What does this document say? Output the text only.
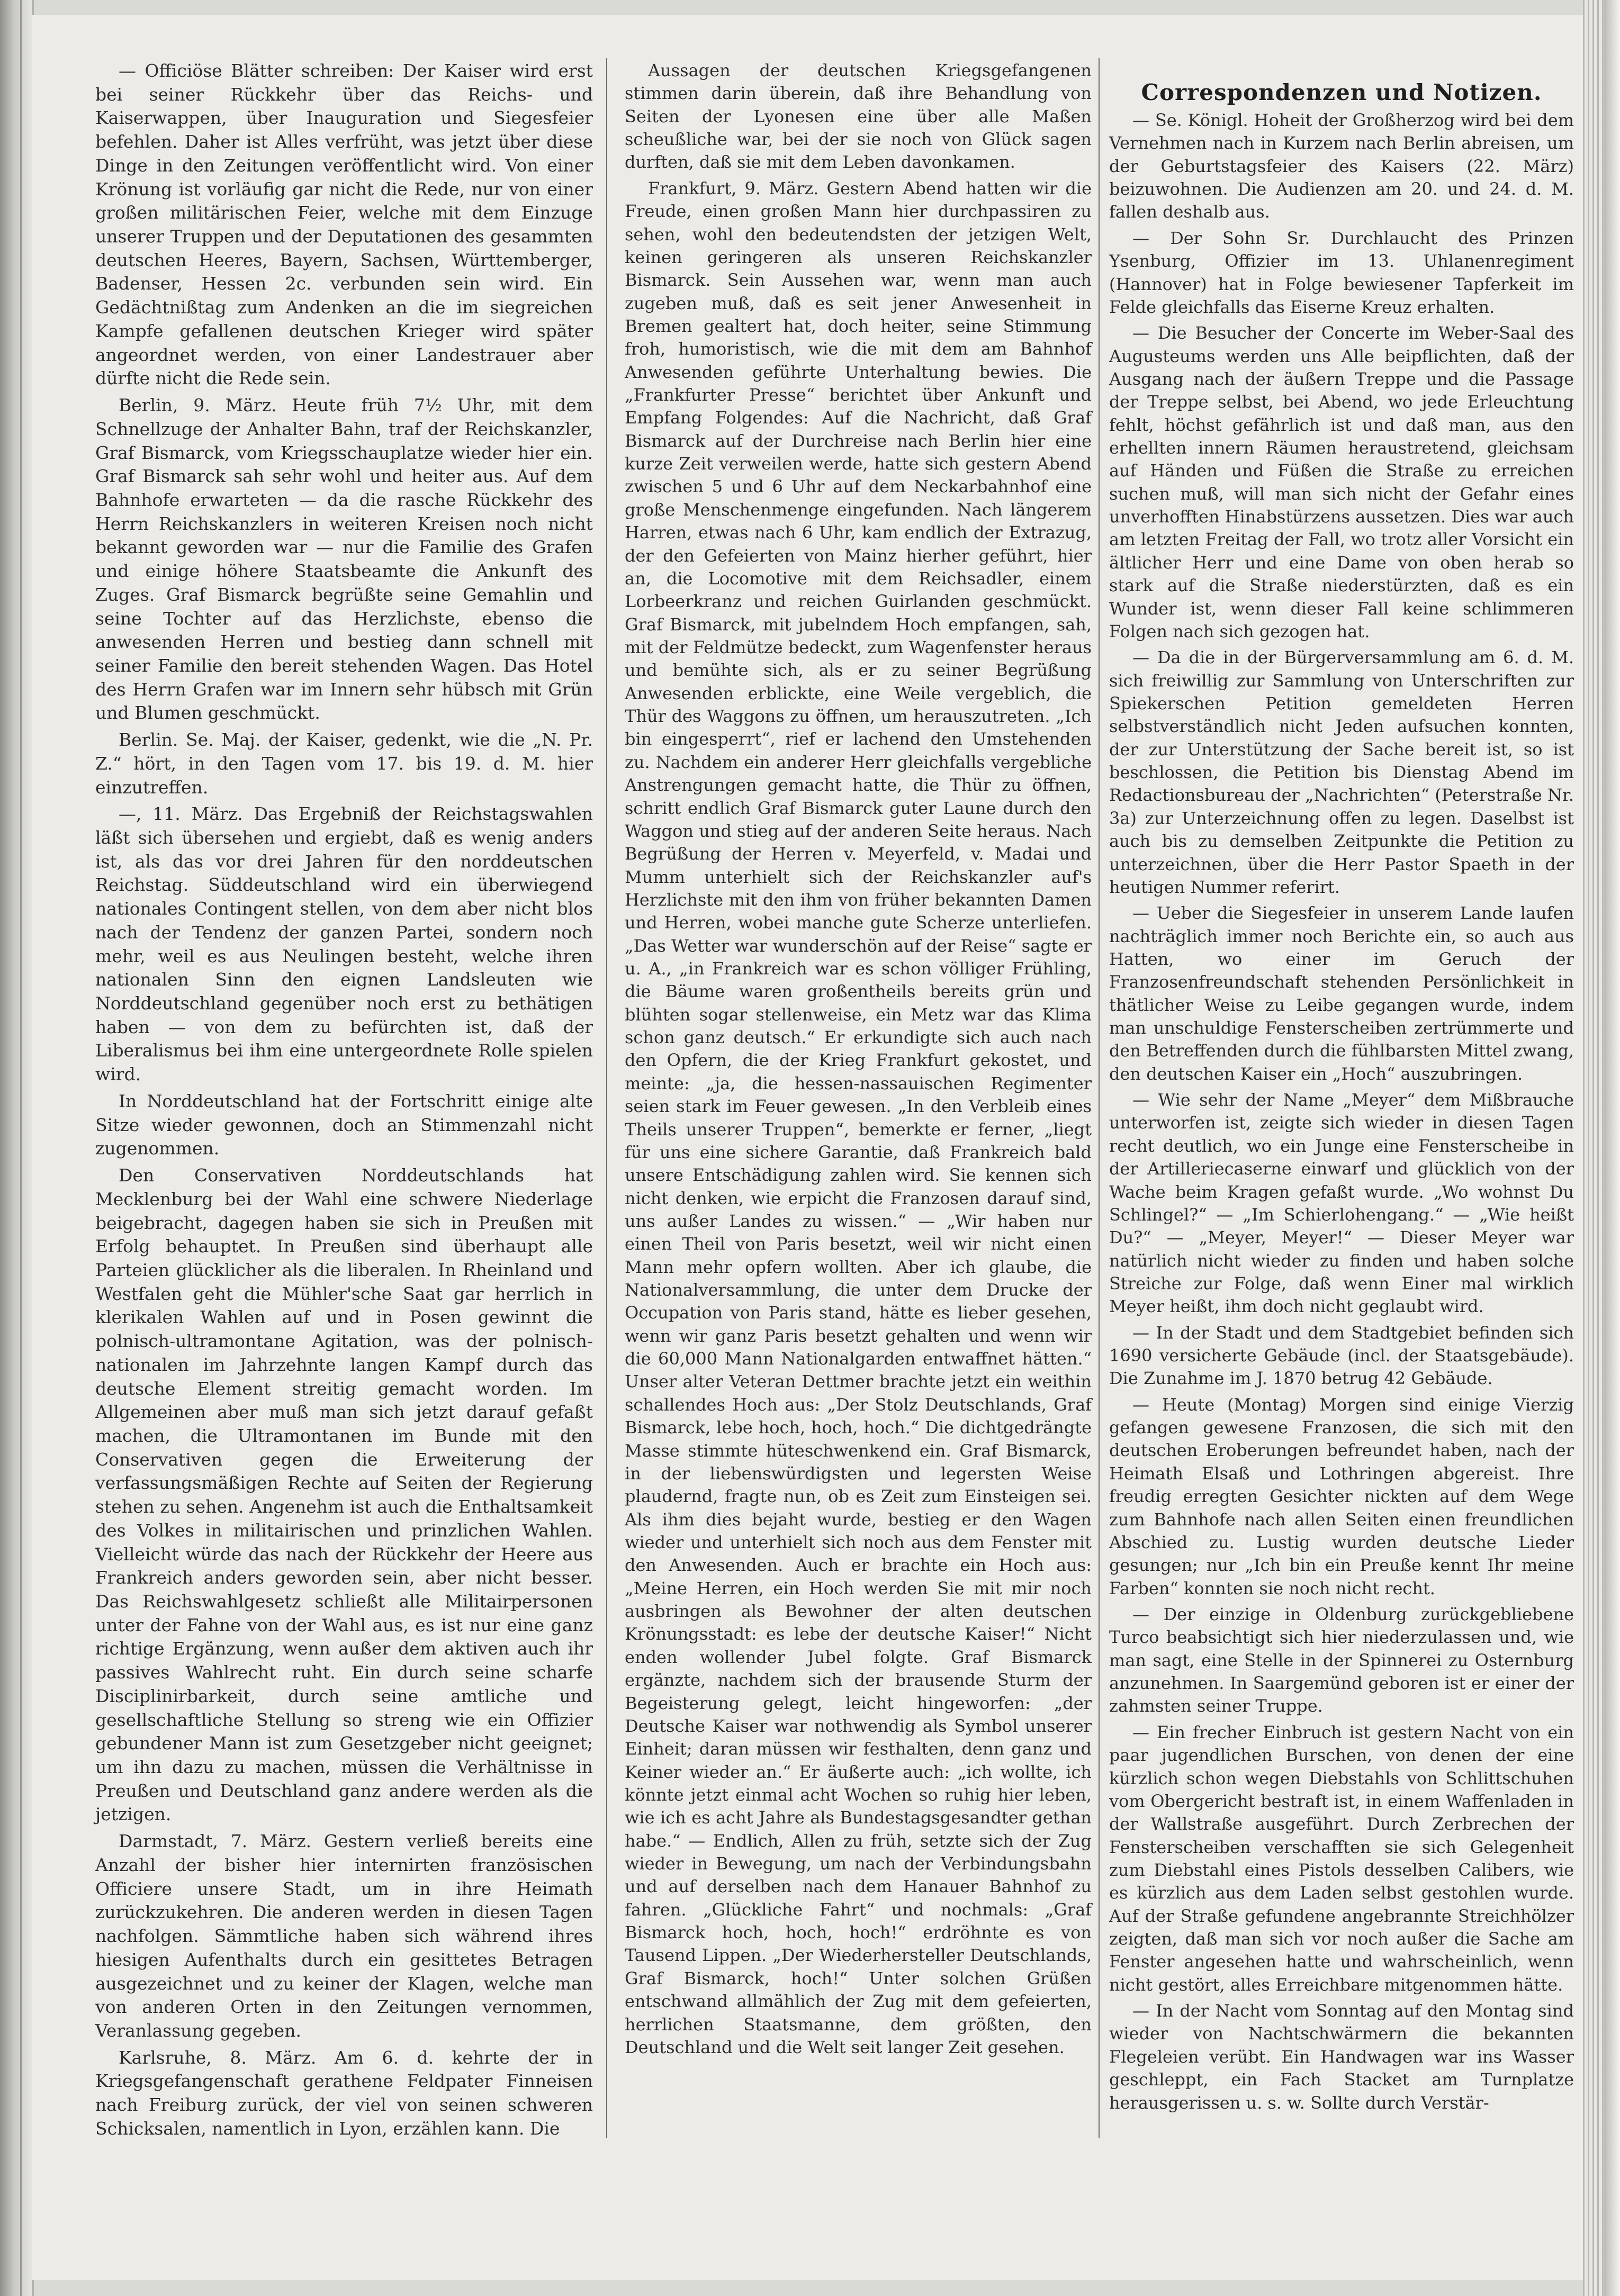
Correspondenzen und Notizen.

— Officiöse Blätter schreiben: Der Kaiser wird erst bei seiner Rückkehr über das Reichs- und Kaiserwappen, über Inauguration und Siegesfeier befehlen. Daher ist Alles verfrüht, was jetzt über diese Dinge in den Zeitungen veröffentlicht wird. Von einer Krönung ist vorläufig gar nicht die Rede, nur von einer großen militärischen Feier, welche mit dem Einzuge unserer Truppen und der Deputationen des gesammten deutschen Heeres, Bayern, Sachsen, Württemberger, Badenser, Hessen 2c. verbunden sein wird. Ein Gedächtnißtag zum Andenken an die im siegreichen Kampfe gefallenen deutschen Krieger wird später angeordnet werden, von einer Landestrauer aber dürfte nicht die Rede sein.

Berlin, 9. März. Heute früh 7½ Uhr, mit dem Schnellzuge der Anhalter Bahn, traf der Reichskanzler, Graf Bismarck, vom Kriegsschauplatze wieder hier ein. Graf Bismarck sah sehr wohl und heiter aus. Auf dem Bahnhofe erwarteten — da die rasche Rückkehr des Herrn Reichskanzlers in weiteren Kreisen noch nicht bekannt geworden war — nur die Familie des Grafen und einige höhere Staatsbeamte die Ankunft des Zuges. Graf Bismarck begrüßte seine Gemahlin und seine Tochter auf das Herzlichste, ebenso die anwesenden Herren und bestieg dann schnell mit seiner Familie den bereit stehenden Wagen. Das Hotel des Herrn Grafen war im Innern sehr hübsch mit Grün und Blumen geschmückt.

Berlin. Se. Maj. der Kaiser, gedenkt, wie die „N. Pr. Z.“ hört, in den Tagen vom 17. bis 19. d. M. hier einzutreffen.

—, 11. März. Das Ergebniß der Reichstagswahlen läßt sich übersehen und ergiebt, daß es wenig anders ist, als das vor drei Jahren für den norddeutschen Reichstag. Süddeutschland wird ein überwiegend nationales Contingent stellen, von dem aber nicht blos nach der Tendenz der ganzen Partei, sondern noch mehr, weil es aus Neulingen besteht, welche ihren nationalen Sinn den eignen Landsleuten wie Norddeutschland gegenüber noch erst zu bethätigen haben — von dem zu befürchten ist, daß der Liberalismus bei ihm eine untergeordnete Rolle spielen wird.

In Norddeutschland hat der Fortschritt einige alte Sitze wieder gewonnen, doch an Stimmenzahl nicht zugenommen.

Den Conservativen Norddeutschlands hat Mecklenburg bei der Wahl eine schwere Niederlage beigebracht, dagegen haben sie sich in Preußen mit Erfolg behauptet. In Preußen sind überhaupt alle Parteien glücklicher als die liberalen. In Rheinland und Westfalen geht die Mühler'sche Saat gar herrlich in klerikalen Wahlen auf und in Posen gewinnt die polnisch-ultramontane Agitation, was der polnisch-nationalen im Jahrzehnte langen Kampf durch das deutsche Element streitig gemacht worden. Im Allgemeinen aber muß man sich jetzt darauf gefaßt machen, die Ultramontanen im Bunde mit den Conservativen gegen die Erweiterung der verfassungsmäßigen Rechte auf Seiten der Regierung stehen zu sehen. Angenehm ist auch die Enthaltsamkeit des Volkes in militairischen und prinzlichen Wahlen. Vielleicht würde das nach der Rückkehr der Heere aus Frankreich anders geworden sein, aber nicht besser. Das Reichswahlgesetz schließt alle Militairpersonen unter der Fahne von der Wahl aus, es ist nur eine ganz richtige Ergänzung, wenn außer dem aktiven auch ihr passives Wahlrecht ruht. Ein durch seine scharfe Disciplinirbarkeit, durch seine amtliche und gesellschaftliche Stellung so streng wie ein Offizier gebundener Mann ist zum Gesetzgeber nicht geeignet; um ihn dazu zu machen, müssen die Verhältnisse in Preußen und Deutschland ganz andere werden als die jetzigen.

Darmstadt, 7. März. Gestern verließ bereits eine Anzahl der bisher hier internirten französischen Officiere unsere Stadt, um in ihre Heimath zurückzukehren. Die anderen werden in diesen Tagen nachfolgen. Sämmtliche haben sich während ihres hiesigen Aufenthalts durch ein gesittetes Betragen ausgezeichnet und zu keiner der Klagen, welche man von anderen Orten in den Zeitungen vernommen, Veranlassung gegeben.

Karlsruhe, 8. März. Am 6. d. kehrte der in Kriegsgefangenschaft gerathene Feldpater Finneisen nach Freiburg zurück, der viel von seinen schweren Schicksalen, namentlich in Lyon, erzählen kann. Die

Aussagen der deutschen Kriegsgefangenen stimmen darin überein, daß ihre Behandlung von Seiten der Lyonesen eine über alle Maßen scheußliche war, bei der sie noch von Glück sagen durften, daß sie mit dem Leben davonkamen.

Frankfurt, 9. März. Gestern Abend hatten wir die Freude, einen großen Mann hier durchpassiren zu sehen, wohl den bedeutendsten der jetzigen Welt, keinen geringeren als unseren Reichskanzler Bismarck. Sein Aussehen war, wenn man auch zugeben muß, daß es seit jener Anwesenheit in Bremen gealtert hat, doch heiter, seine Stimmung froh, humoristisch, wie die mit dem am Bahnhof Anwesenden geführte Unterhaltung bewies. Die „Frankfurter Presse“ berichtet über Ankunft und Empfang Folgendes: Auf die Nachricht, daß Graf Bismarck auf der Durchreise nach Berlin hier eine kurze Zeit verweilen werde, hatte sich gestern Abend zwischen 5 und 6 Uhr auf dem Neckarbahnhof eine große Menschenmenge eingefunden. Nach längerem Harren, etwas nach 6 Uhr, kam endlich der Extrazug, der den Gefeierten von Mainz hierher geführt, hier an, die Locomotive mit dem Reichsadler, einem Lorbeerkranz und reichen Guirlanden geschmückt. Graf Bismarck, mit jubelndem Hoch empfangen, sah, mit der Feldmütze bedeckt, zum Wagenfenster heraus und bemühte sich, als er zu seiner Begrüßung Anwesenden erblickte, eine Weile vergeblich, die Thür des Waggons zu öffnen, um herauszutreten. „Ich bin eingesperrt“, rief er lachend den Umstehenden zu. Nachdem ein anderer Herr gleichfalls vergebliche Anstrengungen gemacht hatte, die Thür zu öffnen, schritt endlich Graf Bismarck guter Laune durch den Waggon und stieg auf der anderen Seite heraus. Nach Begrüßung der Herren v. Meyerfeld, v. Madai und Mumm unterhielt sich der Reichskanzler auf's Herzlichste mit den ihm von früher bekannten Damen und Herren, wobei manche gute Scherze unterliefen. „Das Wetter war wunderschön auf der Reise“ sagte er u. A., „in Frankreich war es schon völliger Frühling, die Bäume waren großentheils bereits grün und blühten sogar stellenweise, ein Metz war das Klima schon ganz deutsch.“ Er erkundigte sich auch nach den Opfern, die der Krieg Frankfurt gekostet, und meinte: „ja, die hessen-nassauischen Regimenter seien stark im Feuer gewesen. „In den Verbleib eines Theils unserer Truppen“, bemerkte er ferner, „liegt für uns eine sichere Garantie, daß Frankreich bald unsere Entschädigung zahlen wird. Sie kennen sich nicht denken, wie erpicht die Franzosen darauf sind, uns außer Landes zu wissen.“ — „Wir haben nur einen Theil von Paris besetzt, weil wir nicht einen Mann mehr opfern wollten. Aber ich glaube, die Nationalversammlung, die unter dem Drucke der Occupation von Paris stand, hätte es lieber gesehen, wenn wir ganz Paris besetzt gehalten und wenn wir die 60,000 Mann Nationalgarden entwaffnet hätten.“ Unser alter Veteran Dettmer brachte jetzt ein weithin schallendes Hoch aus: „Der Stolz Deutschlands, Graf Bismarck, lebe hoch, hoch, hoch.“ Die dichtgedrängte Masse stimmte hüteschwenkend ein. Graf Bismarck, in der liebenswürdigsten und legersten Weise plaudernd, fragte nun, ob es Zeit zum Einsteigen sei. Als ihm dies bejaht wurde, bestieg er den Wagen wieder und unterhielt sich noch aus dem Fenster mit den Anwesenden. Auch er brachte ein Hoch aus: „Meine Herren, ein Hoch werden Sie mit mir noch ausbringen als Bewohner der alten deutschen Krönungsstadt: es lebe der deutsche Kaiser!“ Nicht enden wollender Jubel folgte. Graf Bismarck ergänzte, nachdem sich der brausende Sturm der Begeisterung gelegt, leicht hingeworfen: „der Deutsche Kaiser war nothwendig als Symbol unserer Einheit; daran müssen wir festhalten, denn ganz und Keiner wieder an.“ Er äußerte auch: „ich wollte, ich könnte jetzt einmal acht Wochen so ruhig hier leben, wie ich es acht Jahre als Bundestagsgesandter gethan habe.“ — Endlich, Allen zu früh, setzte sich der Zug wieder in Bewegung, um nach der Verbindungsbahn und auf derselben nach dem Hanauer Bahnhof zu fahren. „Glückliche Fahrt“ und nochmals: „Graf Bismarck hoch, hoch, hoch!“ erdröhnte es von Tausend Lippen. „Der Wiederhersteller Deutschlands, Graf Bismarck, hoch!“ Unter solchen Grüßen entschwand allmählich der Zug mit dem gefeierten, herrlichen Staatsmanne, dem größten, den Deutschland und die Welt seit langer Zeit gesehen.

— Se. Königl. Hoheit der Großherzog wird bei dem Vernehmen nach in Kurzem nach Berlin abreisen, um der Geburtstagsfeier des Kaisers (22. März) beizuwohnen. Die Audienzen am 20. und 24. d. M. fallen deshalb aus.

— Der Sohn Sr. Durchlaucht des Prinzen Ysenburg, Offizier im 13. Uhlanenregiment (Hannover) hat in Folge bewiesener Tapferkeit im Felde gleichfalls das Eiserne Kreuz erhalten.

— Die Besucher der Concerte im Weber-Saal des Augusteums werden uns Alle beipflichten, daß der Ausgang nach der äußern Treppe und die Passage der Treppe selbst, bei Abend, wo jede Erleuchtung fehlt, höchst gefährlich ist und daß man, aus den erhellten innern Räumen heraustretend, gleichsam auf Händen und Füßen die Straße zu erreichen suchen muß, will man sich nicht der Gefahr eines unverhofften Hinabstürzens aussetzen. Dies war auch am letzten Freitag der Fall, wo trotz aller Vorsicht ein ältlicher Herr und eine Dame von oben herab so stark auf die Straße niederstürzten, daß es ein Wunder ist, wenn dieser Fall keine schlimmeren Folgen nach sich gezogen hat.

— Da die in der Bürgerversammlung am 6. d. M. sich freiwillig zur Sammlung von Unterschriften zur Spiekerschen Petition gemeldeten Herren selbstverständlich nicht Jeden aufsuchen konnten, der zur Unterstützung der Sache bereit ist, so ist beschlossen, die Petition bis Dienstag Abend im Redactionsbureau der „Nachrichten“ (Peterstraße Nr. 3a) zur Unterzeichnung offen zu legen. Daselbst ist auch bis zu demselben Zeitpunkte die Petition zu unterzeichnen, über die Herr Pastor Spaeth in der heutigen Nummer referirt.

— Ueber die Siegesfeier in unserem Lande laufen nachträglich immer noch Berichte ein, so auch aus Hatten, wo einer im Geruch der Franzosenfreundschaft stehenden Persönlichkeit in thätlicher Weise zu Leibe gegangen wurde, indem man unschuldige Fensterscheiben zertrümmerte und den Betreffenden durch die fühlbarsten Mittel zwang, den deutschen Kaiser ein „Hoch“ auszubringen.

— Wie sehr der Name „Meyer“ dem Mißbrauche unterworfen ist, zeigte sich wieder in diesen Tagen recht deutlich, wo ein Junge eine Fensterscheibe in der Artilleriecaserne einwarf und glücklich von der Wache beim Kragen gefaßt wurde. „Wo wohnst Du Schlingel?“ — „Im Schierlohengang.“ — „Wie heißt Du?“ — „Meyer, Meyer!“ — Dieser Meyer war natürlich nicht wieder zu finden und haben solche Streiche zur Folge, daß wenn Einer mal wirklich Meyer heißt, ihm doch nicht geglaubt wird.

— In der Stadt und dem Stadtgebiet befinden sich 1690 versicherte Gebäude (incl. der Staatsgebäude). Die Zunahme im J. 1870 betrug 42 Gebäude.

— Heute (Montag) Morgen sind einige Vierzig gefangen gewesene Franzosen, die sich mit den deutschen Eroberungen befreundet haben, nach der Heimath Elsaß und Lothringen abgereist. Ihre freudig erregten Gesichter nickten auf dem Wege zum Bahnhofe nach allen Seiten einen freundlichen Abschied zu. Lustig wurden deutsche Lieder gesungen; nur „Ich bin ein Preuße kennt Ihr meine Farben“ konnten sie noch nicht recht.

— Der einzige in Oldenburg zurückgebliebene Turco beabsichtigt sich hier niederzulassen und, wie man sagt, eine Stelle in der Spinnerei zu Osternburg anzunehmen. In Saargemünd geboren ist er einer der zahmsten seiner Truppe.

— Ein frecher Einbruch ist gestern Nacht von ein paar jugendlichen Burschen, von denen der eine kürzlich schon wegen Diebstahls von Schlittschuhen vom Obergericht bestraft ist, in einem Waffenladen in der Wallstraße ausgeführt. Durch Zerbrechen der Fensterscheiben verschafften sie sich Gelegenheit zum Diebstahl eines Pistols desselben Calibers, wie es kürzlich aus dem Laden selbst gestohlen wurde. Auf der Straße gefundene angebrannte Streichhölzer zeigten, daß man sich vor noch außer die Sache am Fenster angesehen hatte und wahrscheinlich, wenn nicht gestört, alles Erreichbare mitgenommen hätte.

— In der Nacht vom Sonntag auf den Montag sind wieder von Nachtschwärmern die bekannten Flegeleien verübt. Ein Handwagen war ins Wasser geschleppt, ein Fach Stacket am Turnplatze herausgerissen u. s. w. Sollte durch Verstär-
